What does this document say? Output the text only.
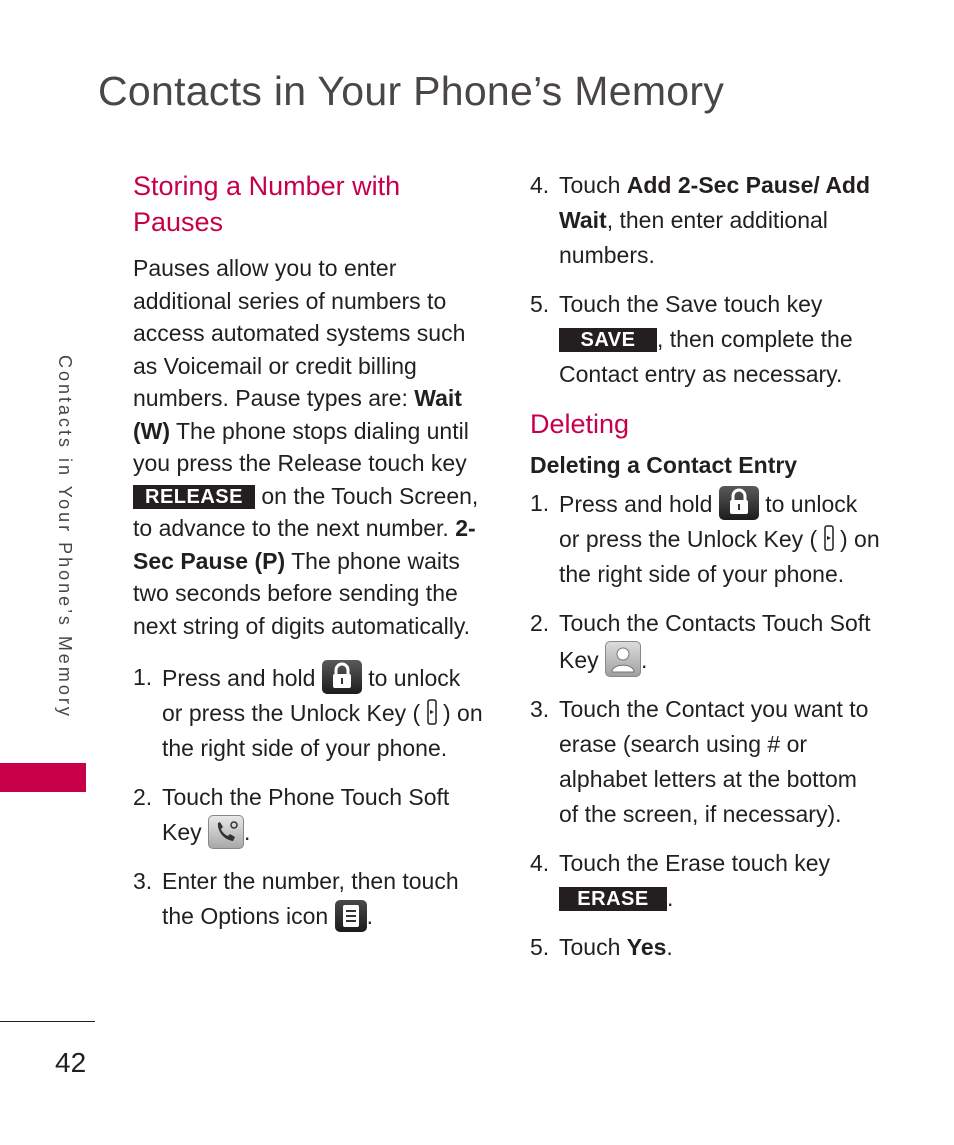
Contacts in Your Phone’s Memory
Contacts in Your Phone’s Memory
42
Storing a Number with Pauses

Pauses allow you to enter additional series of numbers to access automated systems such as Voicemail or credit billing numbers. Pause types are: Wait (W) The phone stops dialing until you press the Release touch key RELEASE on the Touch Screen, to advance to the next number. 2-Sec Pause (P) The phone waits two seconds before sending the next string of digits automatically.

1. Press and hold  to unlock or press the Unlock Key (  ) on the right side of your phone.
2. Touch the Phone Touch Soft Key .
3. Enter the number, then touch the Options icon .
4. Touch Add 2-Sec Pause/ Add Wait, then enter additional numbers.
5. Touch the Save touch key SAVE , then complete the Contact entry as necessary.
Deleting
Deleting a Contact Entry
1. Press and hold  to unlock or press the Unlock Key (  ) on the right side of your phone.
2. Touch the Contacts Touch Soft Key .
3. Touch the Contact you want to erase (search using # or alphabet letters at the bottom of the screen, if necessary).
4. Touch the Erase touch key
ERASE .
5. Touch Yes.
